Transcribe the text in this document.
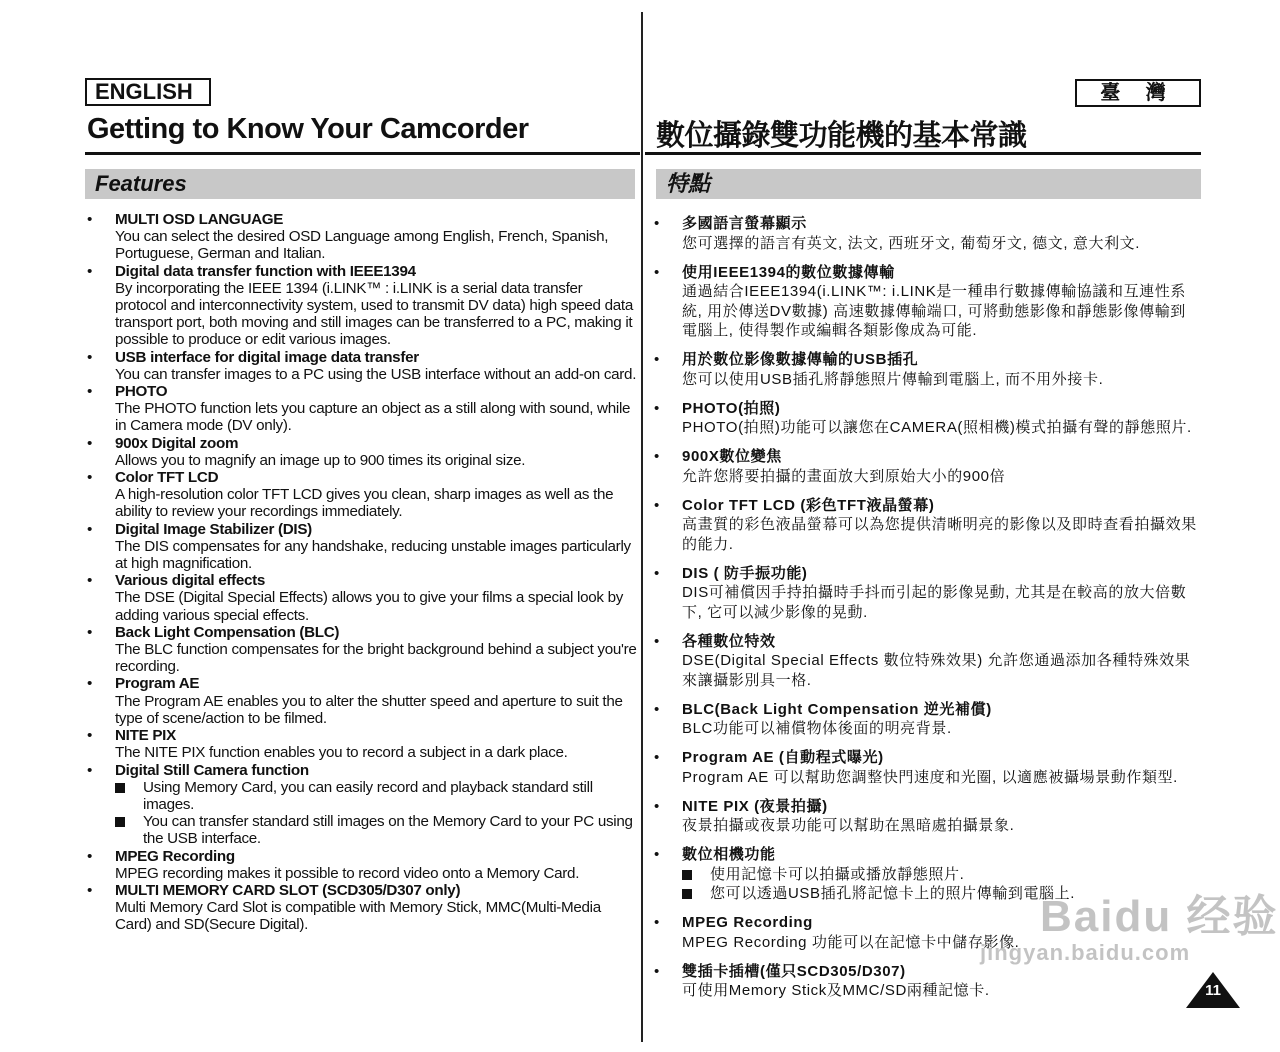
ENGLISH	臺 灣
Getting to Know Your Camcorder	數位攝錄雙功能機的基本常識
Features	特點
•	MULTI OSD LANGUAGE
You can select the desired OSD Language among English, French, Spanish, Portuguese, German and Italian.
•	Digital data transfer function with IEEE1394
By incorporating the IEEE 1394 (i.LINK™ : i.LINK is a serial data transfer protocol and interconnectivity system, used to transmit DV data) high speed data transport port, both moving and still images can be transferred to a PC, making it possible to produce or edit various images.
•	USB interface for digital image data transfer
You can transfer images to a PC using the USB interface without an add-on card.
•	PHOTO
The PHOTO function lets you capture an object as a still along with sound, while in Camera mode (DV only).
•	900x Digital zoom
Allows you to magnify an image up to 900 times its original size.
•	Color TFT LCD
A high-resolution color TFT LCD gives you clean, sharp images as well as the ability to review your recordings immediately.
•	Digital Image Stabilizer (DIS)
The DIS compensates for any handshake, reducing unstable images particularly at high magnification.
•	Various digital effects
The DSE (Digital Special Effects) allows you to give your films a special look by adding various special effects.
•	Back Light Compensation (BLC)
The BLC function compensates for the bright background behind a subject you're recording.
•	Program AE
The Program AE enables you to alter the shutter speed and aperture to suit the type of scene/action to be filmed.
•	NITE PIX
The NITE PIX function enables you to record a subject in a dark place.
•	Digital Still Camera function
Using Memory Card, you can easily record and playback standard still images.
You can transfer standard still images on the Memory Card to your PC using the USB interface.
•	MPEG Recording
MPEG recording makes it possible to record video onto a Memory Card.
•	MULTI MEMORY CARD SLOT (SCD305/D307 only)
Multi Memory Card Slot is compatible with Memory Stick, MMC(Multi-Media Card) and SD(Secure Digital).
•	多國語言螢幕顯示
您可選擇的語言有英文, 法文, 西班牙文, 葡萄牙文, 德文, 意大利文.
•	使用IEEE1394的數位數據傳輸
通過結合IEEE1394(i.LINK™: i.LINK是一種串行數據傳輸協議和互連性系統, 用於傳送DV數據) 高速數據傳輸端口, 可將動態影像和靜態影像傳輸到電腦上, 使得製作或編輯各類影像成為可能.
•	用於數位影像數據傳輸的USB插孔
您可以使用USB插孔將靜態照片傳輸到電腦上, 而不用外接卡.
•	PHOTO(拍照)
PHOTO(拍照)功能可以讓您在CAMERA(照相機)模式拍攝有聲的靜態照片.
•	900X數位變焦
允許您將要拍攝的畫面放大到原始大小的900倍
•	Color TFT LCD (彩色TFT液晶螢幕)
高畫質的彩色液晶螢幕可以為您提供清晰明亮的影像以及即時查看拍攝效果的能力.
•	DIS ( 防手振功能)
DIS可補償因手持拍攝時手抖而引起的影像晃動, 尤其是在較高的放大倍數下, 它可以減少影像的晃動.
•	各種數位特效
DSE(Digital Special Effects 數位特殊效果) 允許您通過添加各種特殊效果來讓攝影別具一格.
•	BLC(Back Light Compensation 逆光補償)
BLC功能可以補償物体後面的明亮背景.
•	Program AE (自動程式曝光)
Program AE 可以幫助您調整快門速度和光圈, 以適應被攝場景動作類型.
•	NITE PIX (夜景拍攝)
夜景拍攝或夜景功能可以幫助在黑暗處拍攝景象.
•	數位相機功能
使用記憶卡可以拍攝或播放靜態照片.
您可以透過USB插孔將記憶卡上的照片傳輸到電腦上.
•	MPEG Recording
MPEG Recording 功能可以在記憶卡中儲存影像.
•	雙插卡插槽(僅只SCD305/D307)
可使用Memory Stick及MMC/SD兩種記憶卡.	11
Baidu 经验
jingyan.baidu.com
